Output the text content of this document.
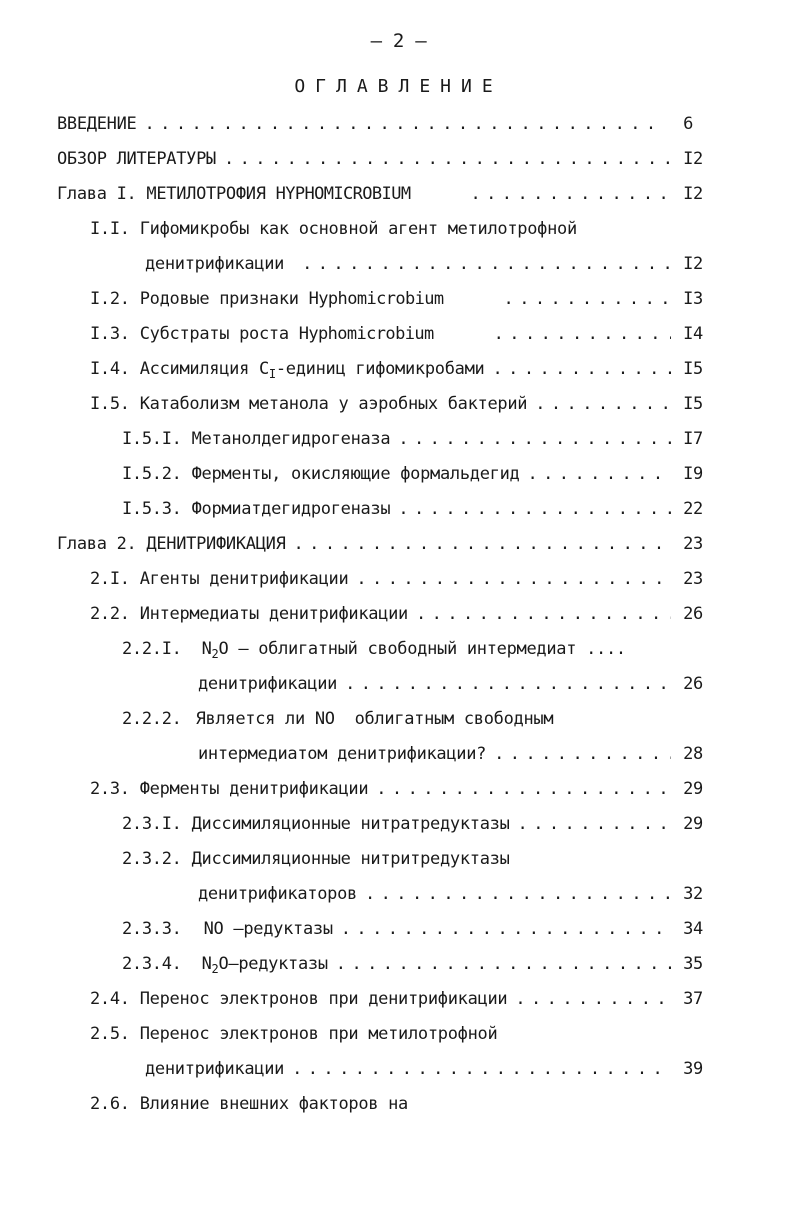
– 2 –
ОГЛАВЛЕНИЕ
ВВЕДЕНИЕ . . .	6
ОБЗОР ЛИТЕРАТУРЫ . . .	I2
Глава I. МЕТИЛОТРОФИЯ HYPHOMICROBIUM . . .	I2
I.I. Гифомикробы как основной агент метилотрофной
денитрификации . . .	I2
I.2. Родовые признаки Hyphomicrobium . . .	I3
I.3. Субстраты роста Hyphomicrobium . . .	I4
I.4. Ассимиляция $C_I$-единиц гифомикробами . . .	I5
I.5. Катаболизм метанола у аэробных бактерий . . .	I5
I.5.I. Метанолдегидрогеназа . . .	I7
I.5.2. Ферменты, окисляющие формальдегид . . .	I9
I.5.3. Формиатдегидрогеназы . . .	22
Глава 2. ДЕНИТРИФИКАЦИЯ . . .	23
2.I. Агенты денитрификации . . .	23
2.2. Интермедиаты денитрификации . . .	26
2.2.I. $N_2O$ – облигатный свободный интермедиат ....
денитрификации . . .	26
2.2.2. Является ли NO  облигатным свободным
интермедиатом денитрификации? . . .	28
2.3. Ферменты денитрификации . . .	29
2.3.I. Диссимиляционные нитратредуктазы . . .	29
2.3.2. Диссимиляционные нитритредуктазы
денитрификаторов . . .	32
2.3.3. NO –редуктазы . . .	34
2.3.4. $N_2O$–редуктазы . . .	35
2.4. Перенос электронов при денитрификации . . .	37
2.5. Перенос электронов при метилотрофной
денитрификации . . .	39
2.6. Влияние внешних факторов на
